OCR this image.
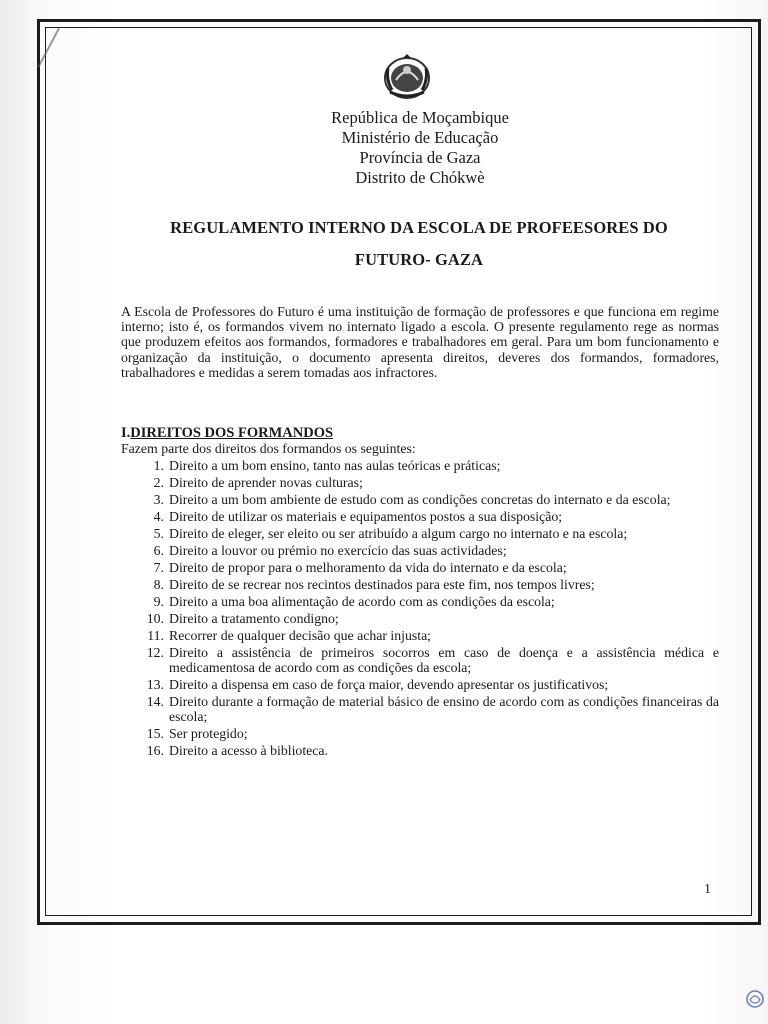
República de Moçambique
Ministério de Educação
Província de Gaza
Distrito de Chókwè
REGULAMENTO INTERNO DA ESCOLA DE PROFEESORES DO
FUTURO- GAZA

A Escola de Professores do Futuro é uma instituição de formação de professores e que funciona em regime interno; isto é, os formandos vivem no internato ligado a escola. O presente regulamento rege as normas que produzem efeitos aos formandos, formadores e trabalhadores em geral. Para um bom funcionamento e organização da instituição, o documento apresenta direitos, deveres dos formandos, formadores, trabalhadores e medidas a serem tomadas aos infractores.

I.DIREITOS DOS FORMANDOS
Fazem parte dos direitos dos formandos os seguintes:
1. Direito a um bom ensino, tanto nas aulas teóricas e práticas;
2. Direito de aprender novas culturas;
3. Direito a um bom ambiente de estudo com as condições concretas do internato e da escola;
4. Direito de utilizar os materiais e equipamentos postos a sua disposição;
5. Direito de eleger, ser eleito ou ser atribuído a algum cargo no internato e na escola;
6. Direito a louvor ou prémio no exercício das suas actividades;
7. Direito de propor para o melhoramento da vida do internato e da escola;
8. Direito de se recrear nos recintos destinados para este fim, nos tempos livres;
9. Direito a uma boa alimentação de acordo com as condições da escola;
10. Direito a tratamento condigno;
11. Recorrer de qualquer decisão que achar injusta;
12. Direito a assistência de primeiros socorros em caso de doença e a assistência médica e medicamentosa de acordo com as condições da escola;
13. Direito a dispensa em caso de força maior, devendo apresentar os justificativos;
14. Direito durante a formação de material básico de ensino de acordo com as condições financeiras da escola;
15. Ser protegido;
16. Direito a acesso à biblioteca.
1
